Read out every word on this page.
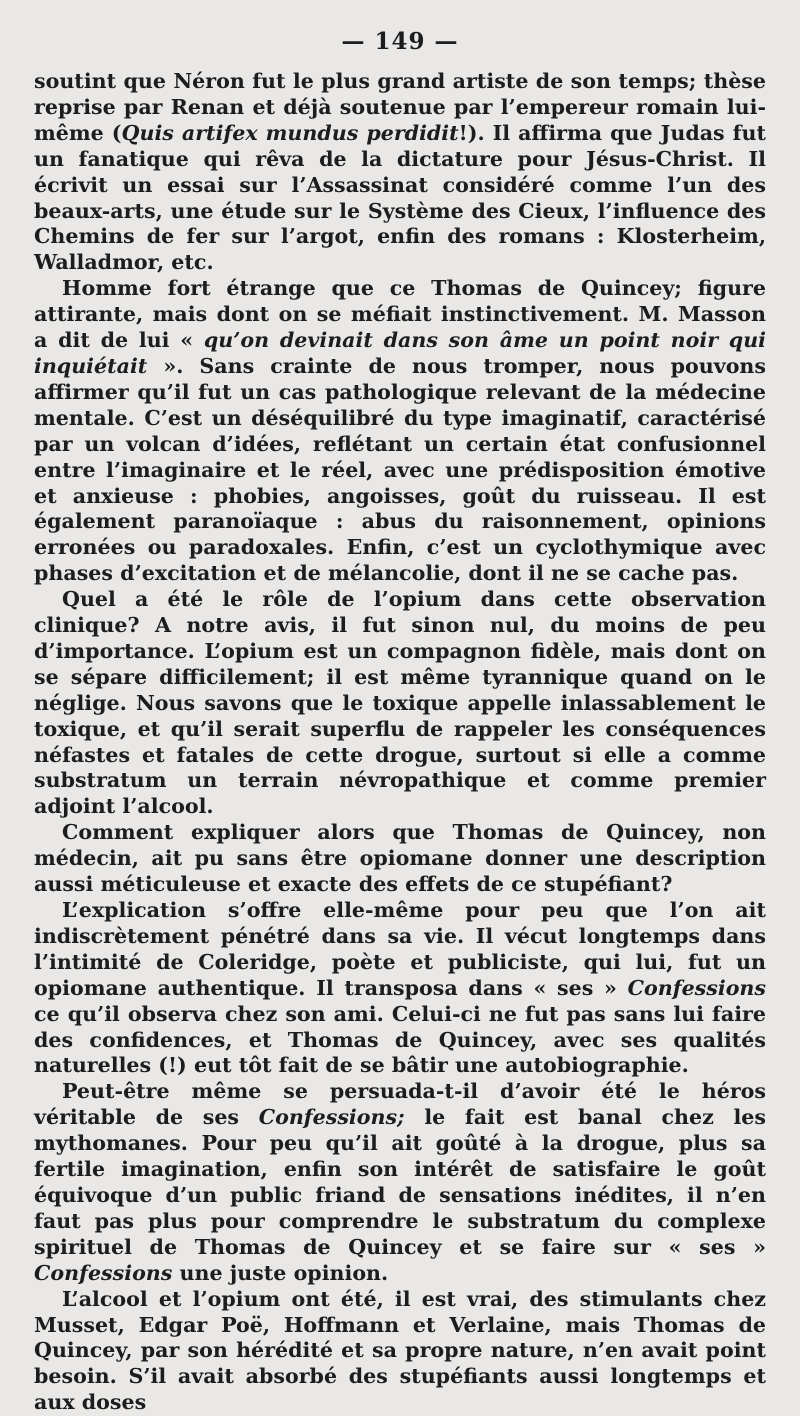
— 149 —

soutint que Néron fut le plus grand artiste de son temps; thèse reprise par Renan et déjà soutenue par l’empereur romain lui-même (Quis artifex mundus perdidit!). Il affirma que Judas fut un fanatique qui rêva de la dictature pour Jésus-Christ. Il écrivit un essai sur l’Assassinat considéré comme l’un des beaux-arts, une étude sur le Système des Cieux, l’influence des Chemins de fer sur l’argot, enfin des romans : Klosterheim, Walladmor, etc.

Homme fort étrange que ce Thomas de Quincey; figure attirante, mais dont on se méfiait instinctivement. M. Masson a dit de lui « qu’on devinait dans son âme un point noir qui inquiétait ». Sans crainte de nous tromper, nous pouvons affirmer qu’il fut un cas pathologique relevant de la médecine mentale. C’est un déséquilibré du type imaginatif, caractérisé par un volcan d’idées, reflétant un certain état confusionnel entre l’imaginaire et le réel, avec une prédisposition émotive et anxieuse : phobies, angoisses, goût du ruisseau. Il est également paranoïaque : abus du raisonnement, opinions erronées ou paradoxales. Enfin, c’est un cyclothymique avec phases d’excitation et de mélancolie, dont il ne se cache pas.

Quel a été le rôle de l’opium dans cette observation clinique? A notre avis, il fut sinon nul, du moins de peu d’importance. L’opium est un compagnon fidèle, mais dont on se sépare difficilement; il est même tyrannique quand on le néglige. Nous savons que le toxique appelle inlassablement le toxique, et qu’il serait superflu de rappeler les conséquences néfastes et fatales de cette drogue, surtout si elle a comme substratum un terrain névropathique et comme premier adjoint l’alcool.

Comment expliquer alors que Thomas de Quincey, non médecin, ait pu sans être opiomane donner une description aussi méticuleuse et exacte des effets de ce stupéfiant?

L’explication s’offre elle-même pour peu que l’on ait indiscrètement pénétré dans sa vie. Il vécut longtemps dans l’intimité de Coleridge, poète et publiciste, qui lui, fut un opiomane authentique. Il transposa dans « ses » Confessions ce qu’il observa chez son ami. Celui-ci ne fut pas sans lui faire des confidences, et Thomas de Quincey, avec ses qualités naturelles (!) eut tôt fait de se bâtir une autobiographie.

Peut-être même se persuada-t-il d’avoir été le héros véritable de ses Confessions; le fait est banal chez les mythomanes. Pour peu qu’il ait goûté à la drogue, plus sa fertile imagination, enfin son intérêt de satisfaire le goût équivoque d’un public friand de sensations inédites, il n’en faut pas plus pour comprendre le substratum du complexe spirituel de Thomas de Quincey et se faire sur « ses » Confessions une juste opinion.

L’alcool et l’opium ont été, il est vrai, des stimulants chez Musset, Edgar Poë, Hoffmann et Verlaine, mais Thomas de Quincey, par son hérédité et sa propre nature, n’en avait point besoin. S’il avait absorbé des stupéfiants aussi longtemps et aux doses
